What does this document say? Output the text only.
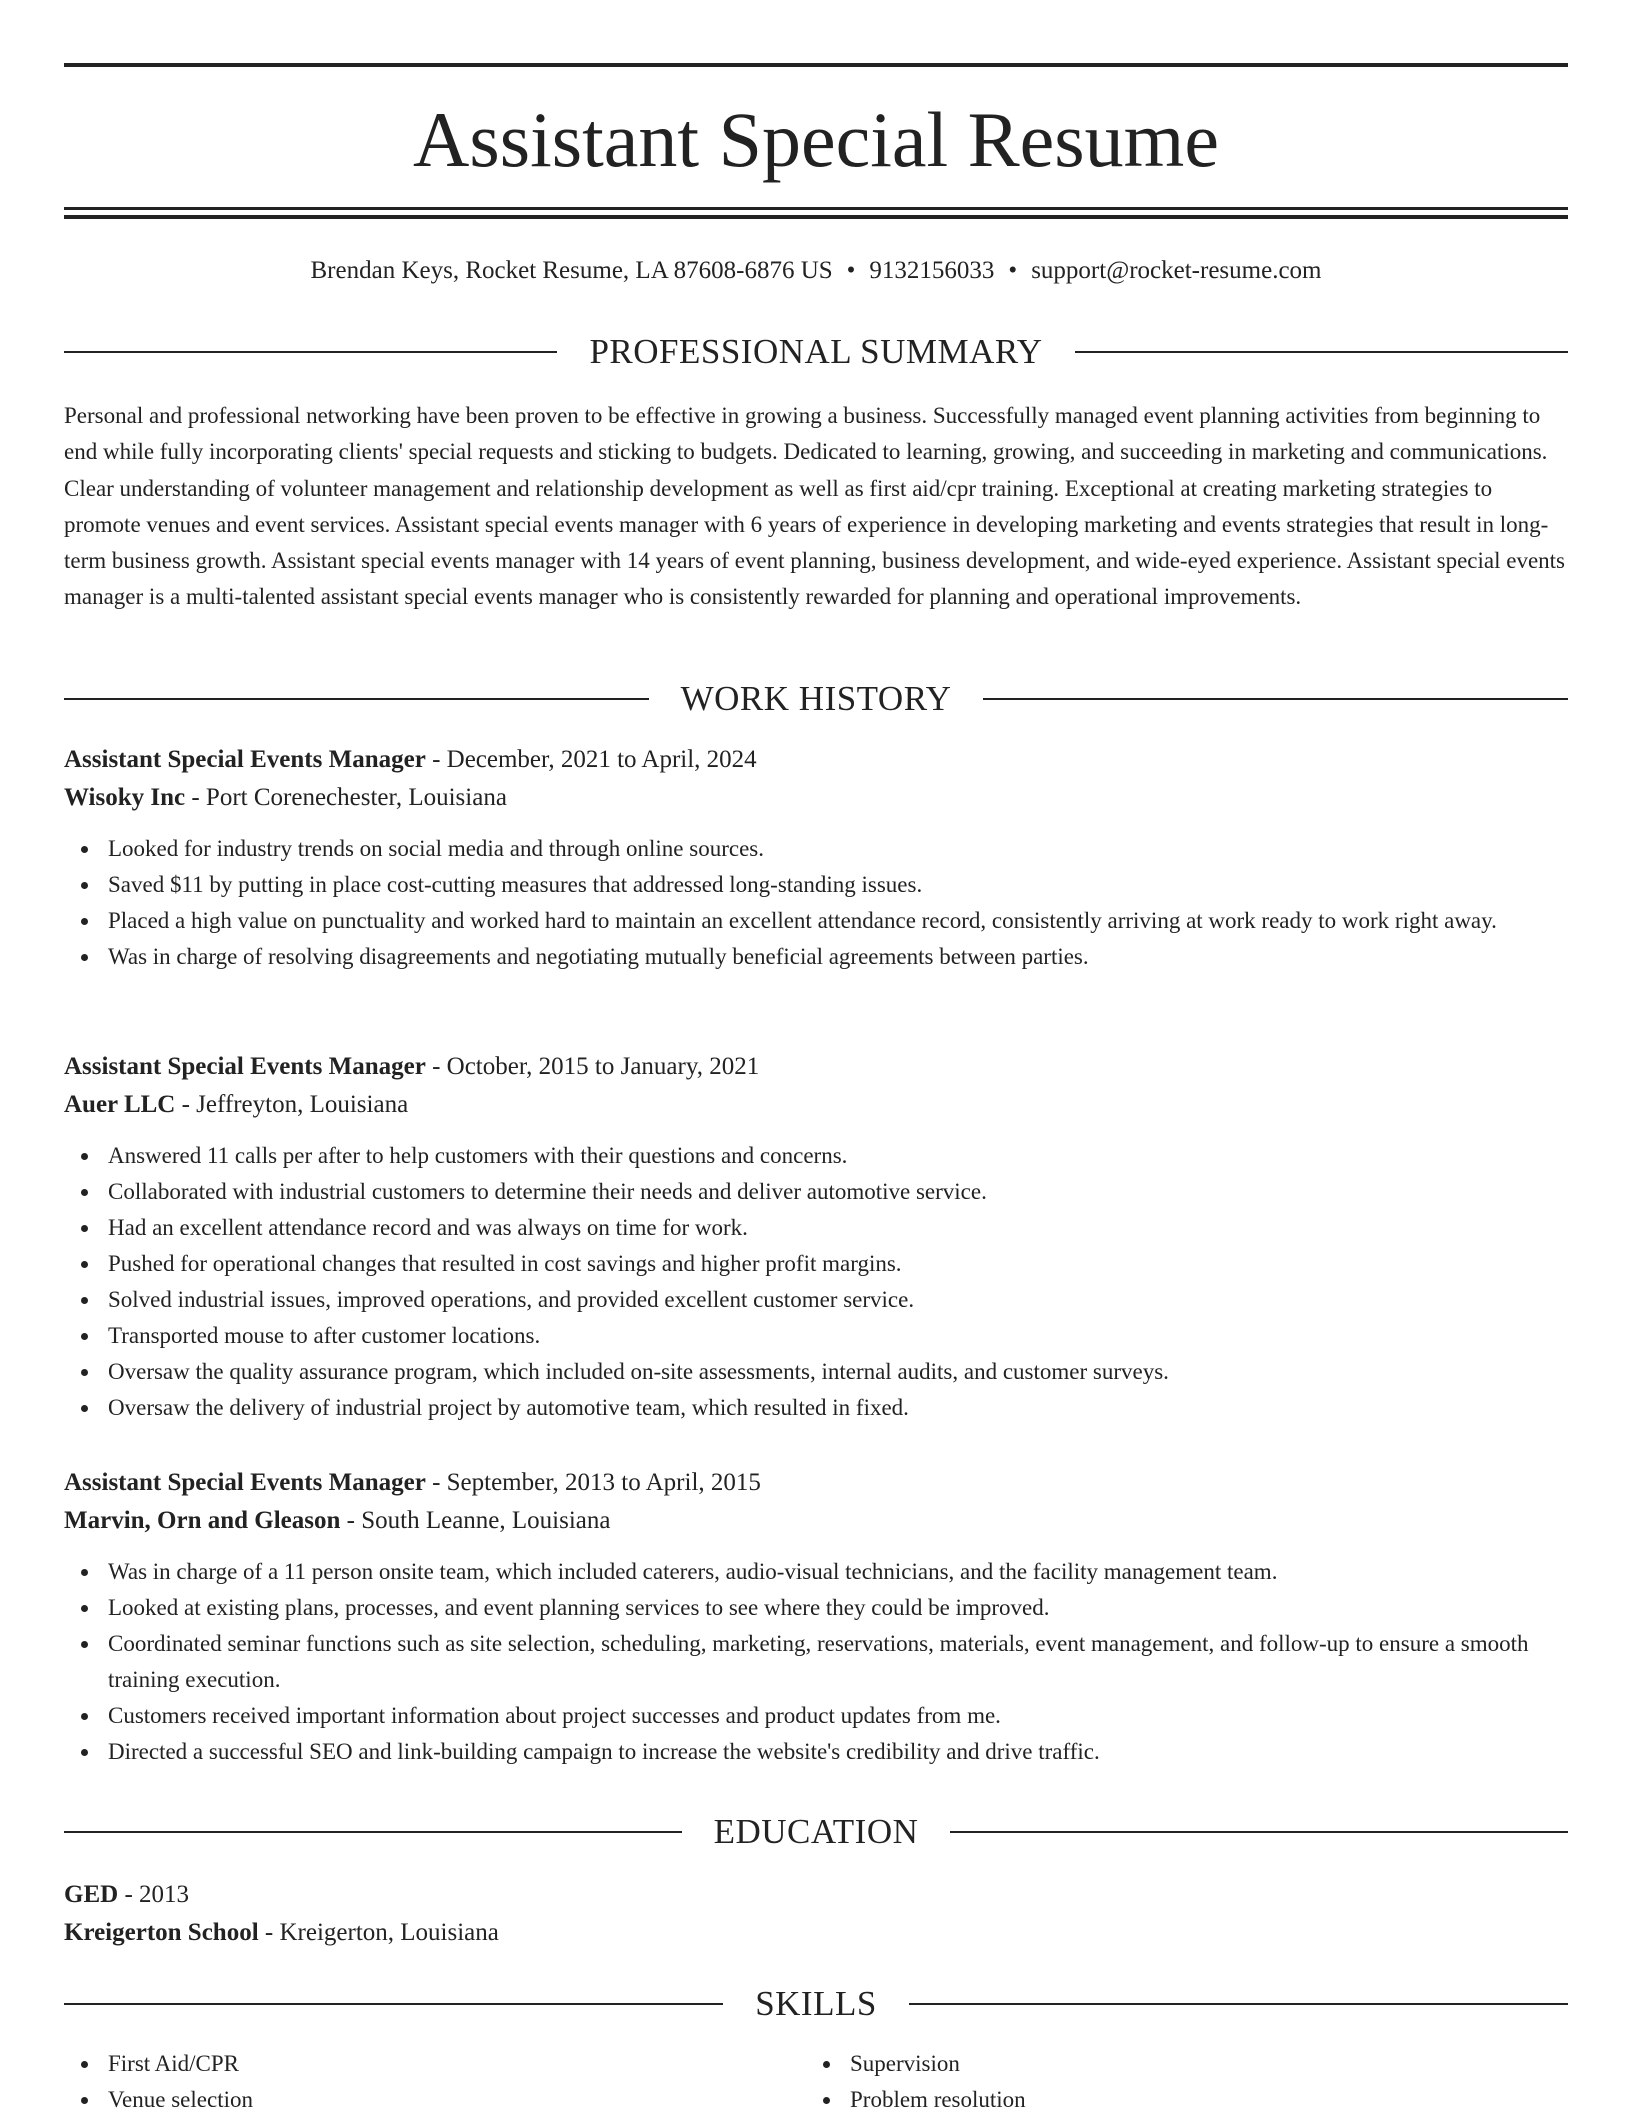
Assistant Special Resume
Brendan Keys, Rocket Resume, LA 87608-6876 US • 9132156033 • support@rocket-resume.com
PROFESSIONAL SUMMARY

Personal and professional networking have been proven to be effective in growing a business. Successfully managed event planning activities from beginning to end while fully incorporating clients' special requests and sticking to budgets. Dedicated to learning, growing, and succeeding in marketing and communications. Clear understanding of volunteer management and relationship development as well as first aid/cpr training. Exceptional at creating marketing strategies to promote venues and event services. Assistant special events manager with 6 years of experience in developing marketing and events strategies that result in long-term business growth. Assistant special events manager with 14 years of event planning, business development, and wide-eyed experience. Assistant special events manager is a multi-talented assistant special events manager who is consistently rewarded for planning and operational improvements.

WORK HISTORY
Assistant Special Events Manager - December, 2021 to April, 2024
Wisoky Inc - Port Corenechester, Louisiana
Looked for industry trends on social media and through online sources.
Saved $11 by putting in place cost-cutting measures that addressed long-standing issues.
Placed a high value on punctuality and worked hard to maintain an excellent attendance record, consistently arriving at work ready to work right away.
Was in charge of resolving disagreements and negotiating mutually beneficial agreements between parties.
Assistant Special Events Manager - October, 2015 to January, 2021
Auer LLC - Jeffreyton, Louisiana
Answered 11 calls per after to help customers with their questions and concerns.
Collaborated with industrial customers to determine their needs and deliver automotive service.
Had an excellent attendance record and was always on time for work.
Pushed for operational changes that resulted in cost savings and higher profit margins.
Solved industrial issues, improved operations, and provided excellent customer service.
Transported mouse to after customer locations.
Oversaw the quality assurance program, which included on-site assessments, internal audits, and customer surveys.
Oversaw the delivery of industrial project by automotive team, which resulted in fixed.
Assistant Special Events Manager - September, 2013 to April, 2015
Marvin, Orn and Gleason - South Leanne, Louisiana
Was in charge of a 11 person onsite team, which included caterers, audio-visual technicians, and the facility management team.
Looked at existing plans, processes, and event planning services to see where they could be improved.
Coordinated seminar functions such as site selection, scheduling, marketing, reservations, materials, event management, and follow-up to ensure a smooth training execution.
Customers received important information about project successes and product updates from me.
Directed a successful SEO and link-building campaign to increase the website's credibility and drive traffic.
EDUCATION
GED - 2013
Kreigerton School - Kreigerton, Louisiana
SKILLS
First Aid/CPR
Venue selection
Supervision
Problem resolution
